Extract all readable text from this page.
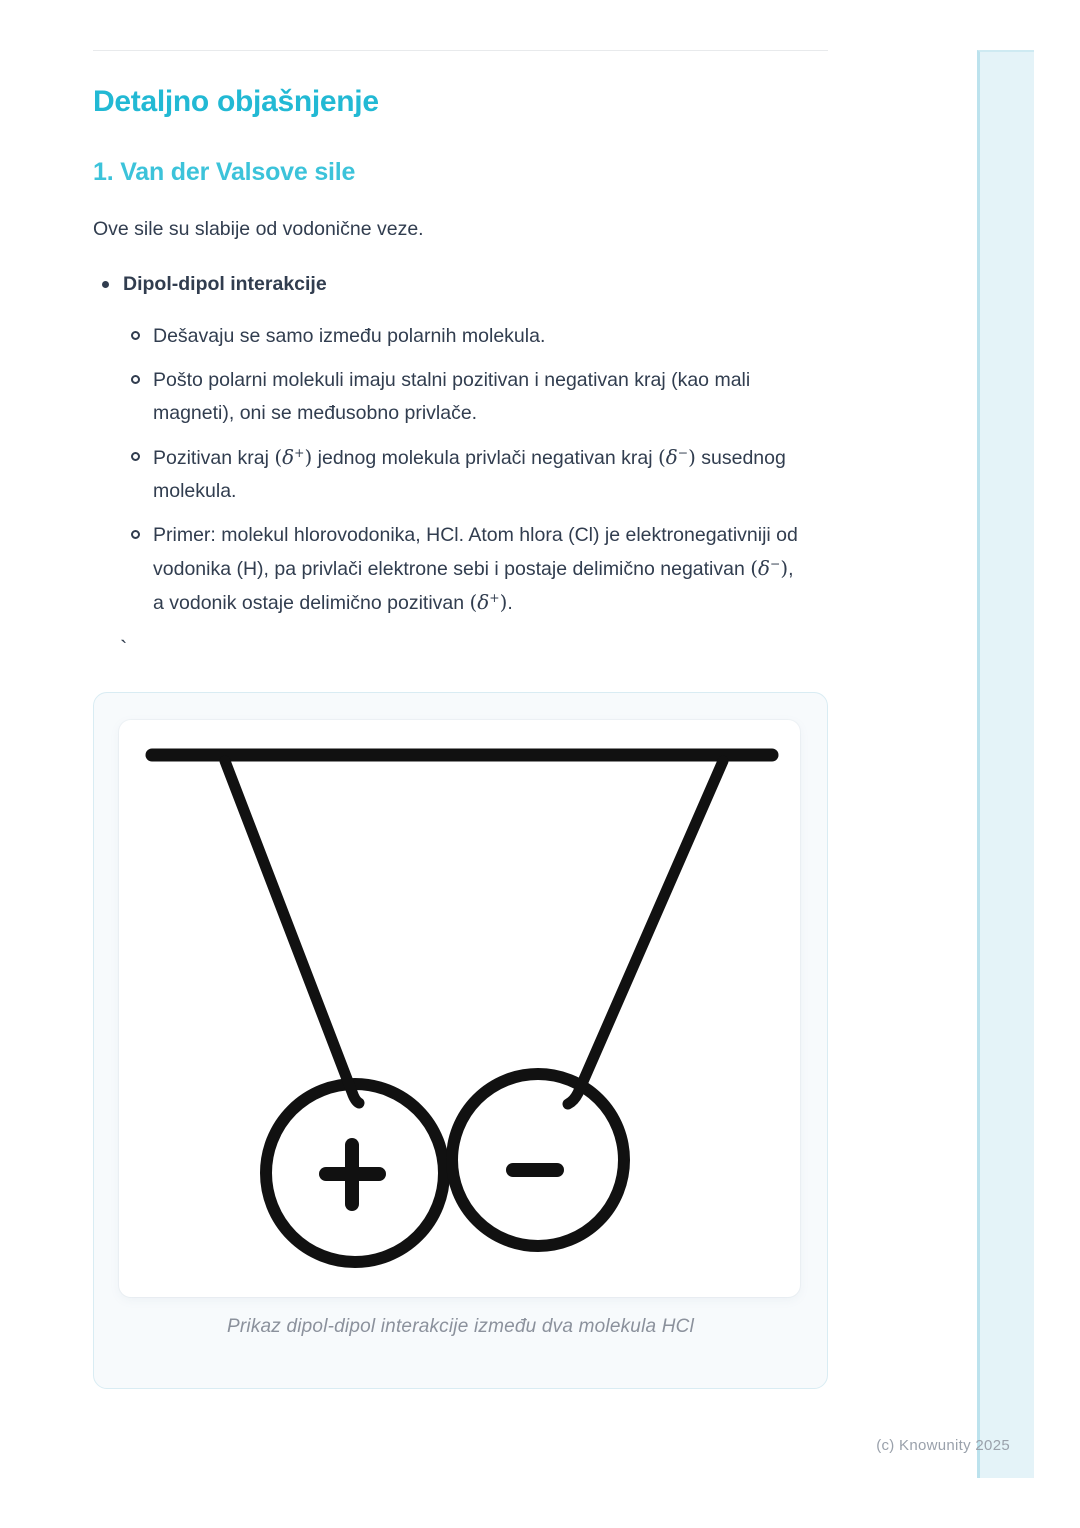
Detaljno objašnjenje
1. Van der Valsove sile

Ove sile su slabije od vodonične veze.

Dipol-dipol interakcije
Dešavaju se samo između polarnih molekula.
Pošto polarni molekuli imaju stalni pozitivan i negativan kraj (kao mali magneti), oni se međusobno privlače.
Pozitivan kraj (δ+) jednog molekula privlači negativan kraj (δ−) susednog molekula.
Primer: molekul hlorovodonika, HCl. Atom hlora (Cl) je elektronegativniji od vodonika (H), pa privlači elektrone sebi i postaje delimično negativan (δ−), a vodonik ostaje delimično pozitivan (δ+).
`
Prikaz dipol-dipol interakcije između dva molekula HCl
(c) Knowunity 2025
